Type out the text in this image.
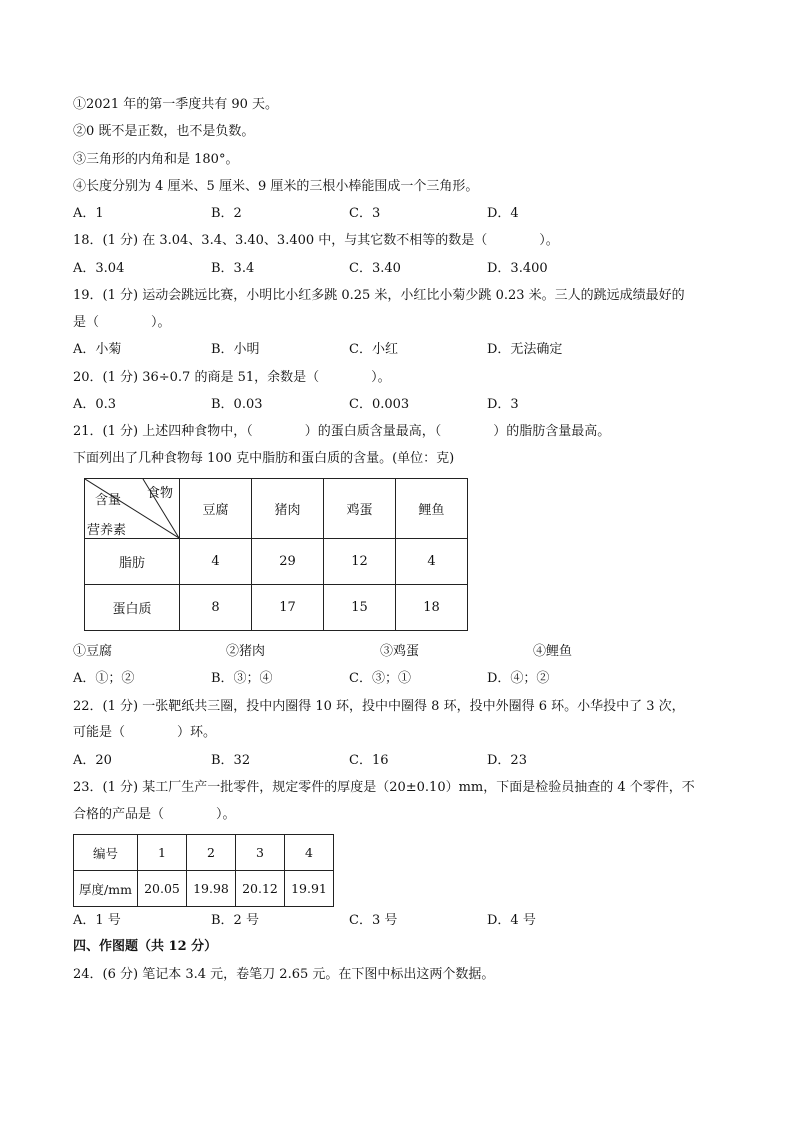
①2021 年的第一季度共有 90 天。
②0 既不是正数，也不是负数。
③三角形的内角和是 180°。
④长度分别为 4 厘米、5 厘米、9 厘米的三根小棒能围成一个三角形。
A．1	B．2	C．3	D．4
18．(1 分) 在 3.04、3.4、3.40、3.400 中，与其它数不相等的数是（　　　　）。
A．3.04	B．3.4	C．3.40	D．3.400
19．(1 分) 运动会跳远比赛，小明比小红多跳 0.25 米，小红比小菊少跳 0.23 米。三人的跳远成绩最好的
是（　　　　）。
A．小菊	B．小明	C．小红	D．无法确定
20．(1 分) 36÷0.7 的商是 51，余数是（　　　　）。
A．0.3	B．0.03	C．0.003	D．3
21．(1 分) 上述四种食物中，（　　　　）的蛋白质含量最高，（　　　　）的脂肪含量最高。
下面列出了几种食物每 100 克中脂肪和蛋白质的含量。(单位：克)
含量 食物
营养素	豆腐	猪肉	鸡蛋	鲤鱼
脂肪	4	29	12	4
蛋白质	8	17	15	18
①豆腐	②猪肉	③鸡蛋	④鲤鱼
A．①；②	B．③；④	C．③；①	D．④；②
22．(1 分) 一张靶纸共三圈，投中内圈得 10 环，投中中圈得 8 环，投中外圈得 6 环。小华投中了 3 次，
可能是（　　　　）环。
A．20	B．32	C．16	D．23
23．(1 分) 某工厂生产一批零件，规定零件的厚度是（20±0.10）mm，下面是检验员抽查的 4 个零件，不
合格的产品是（　　　　）。
编号	1	2	3	4
厚度/mm	20.05	19.98	20.12	19.91
A．1 号	B．2 号	C．3 号	D．4 号
四、作图题（共 12 分）
24．(6 分) 笔记本 3.4 元，卷笔刀 2.65 元。在下图中标出这两个数据。
